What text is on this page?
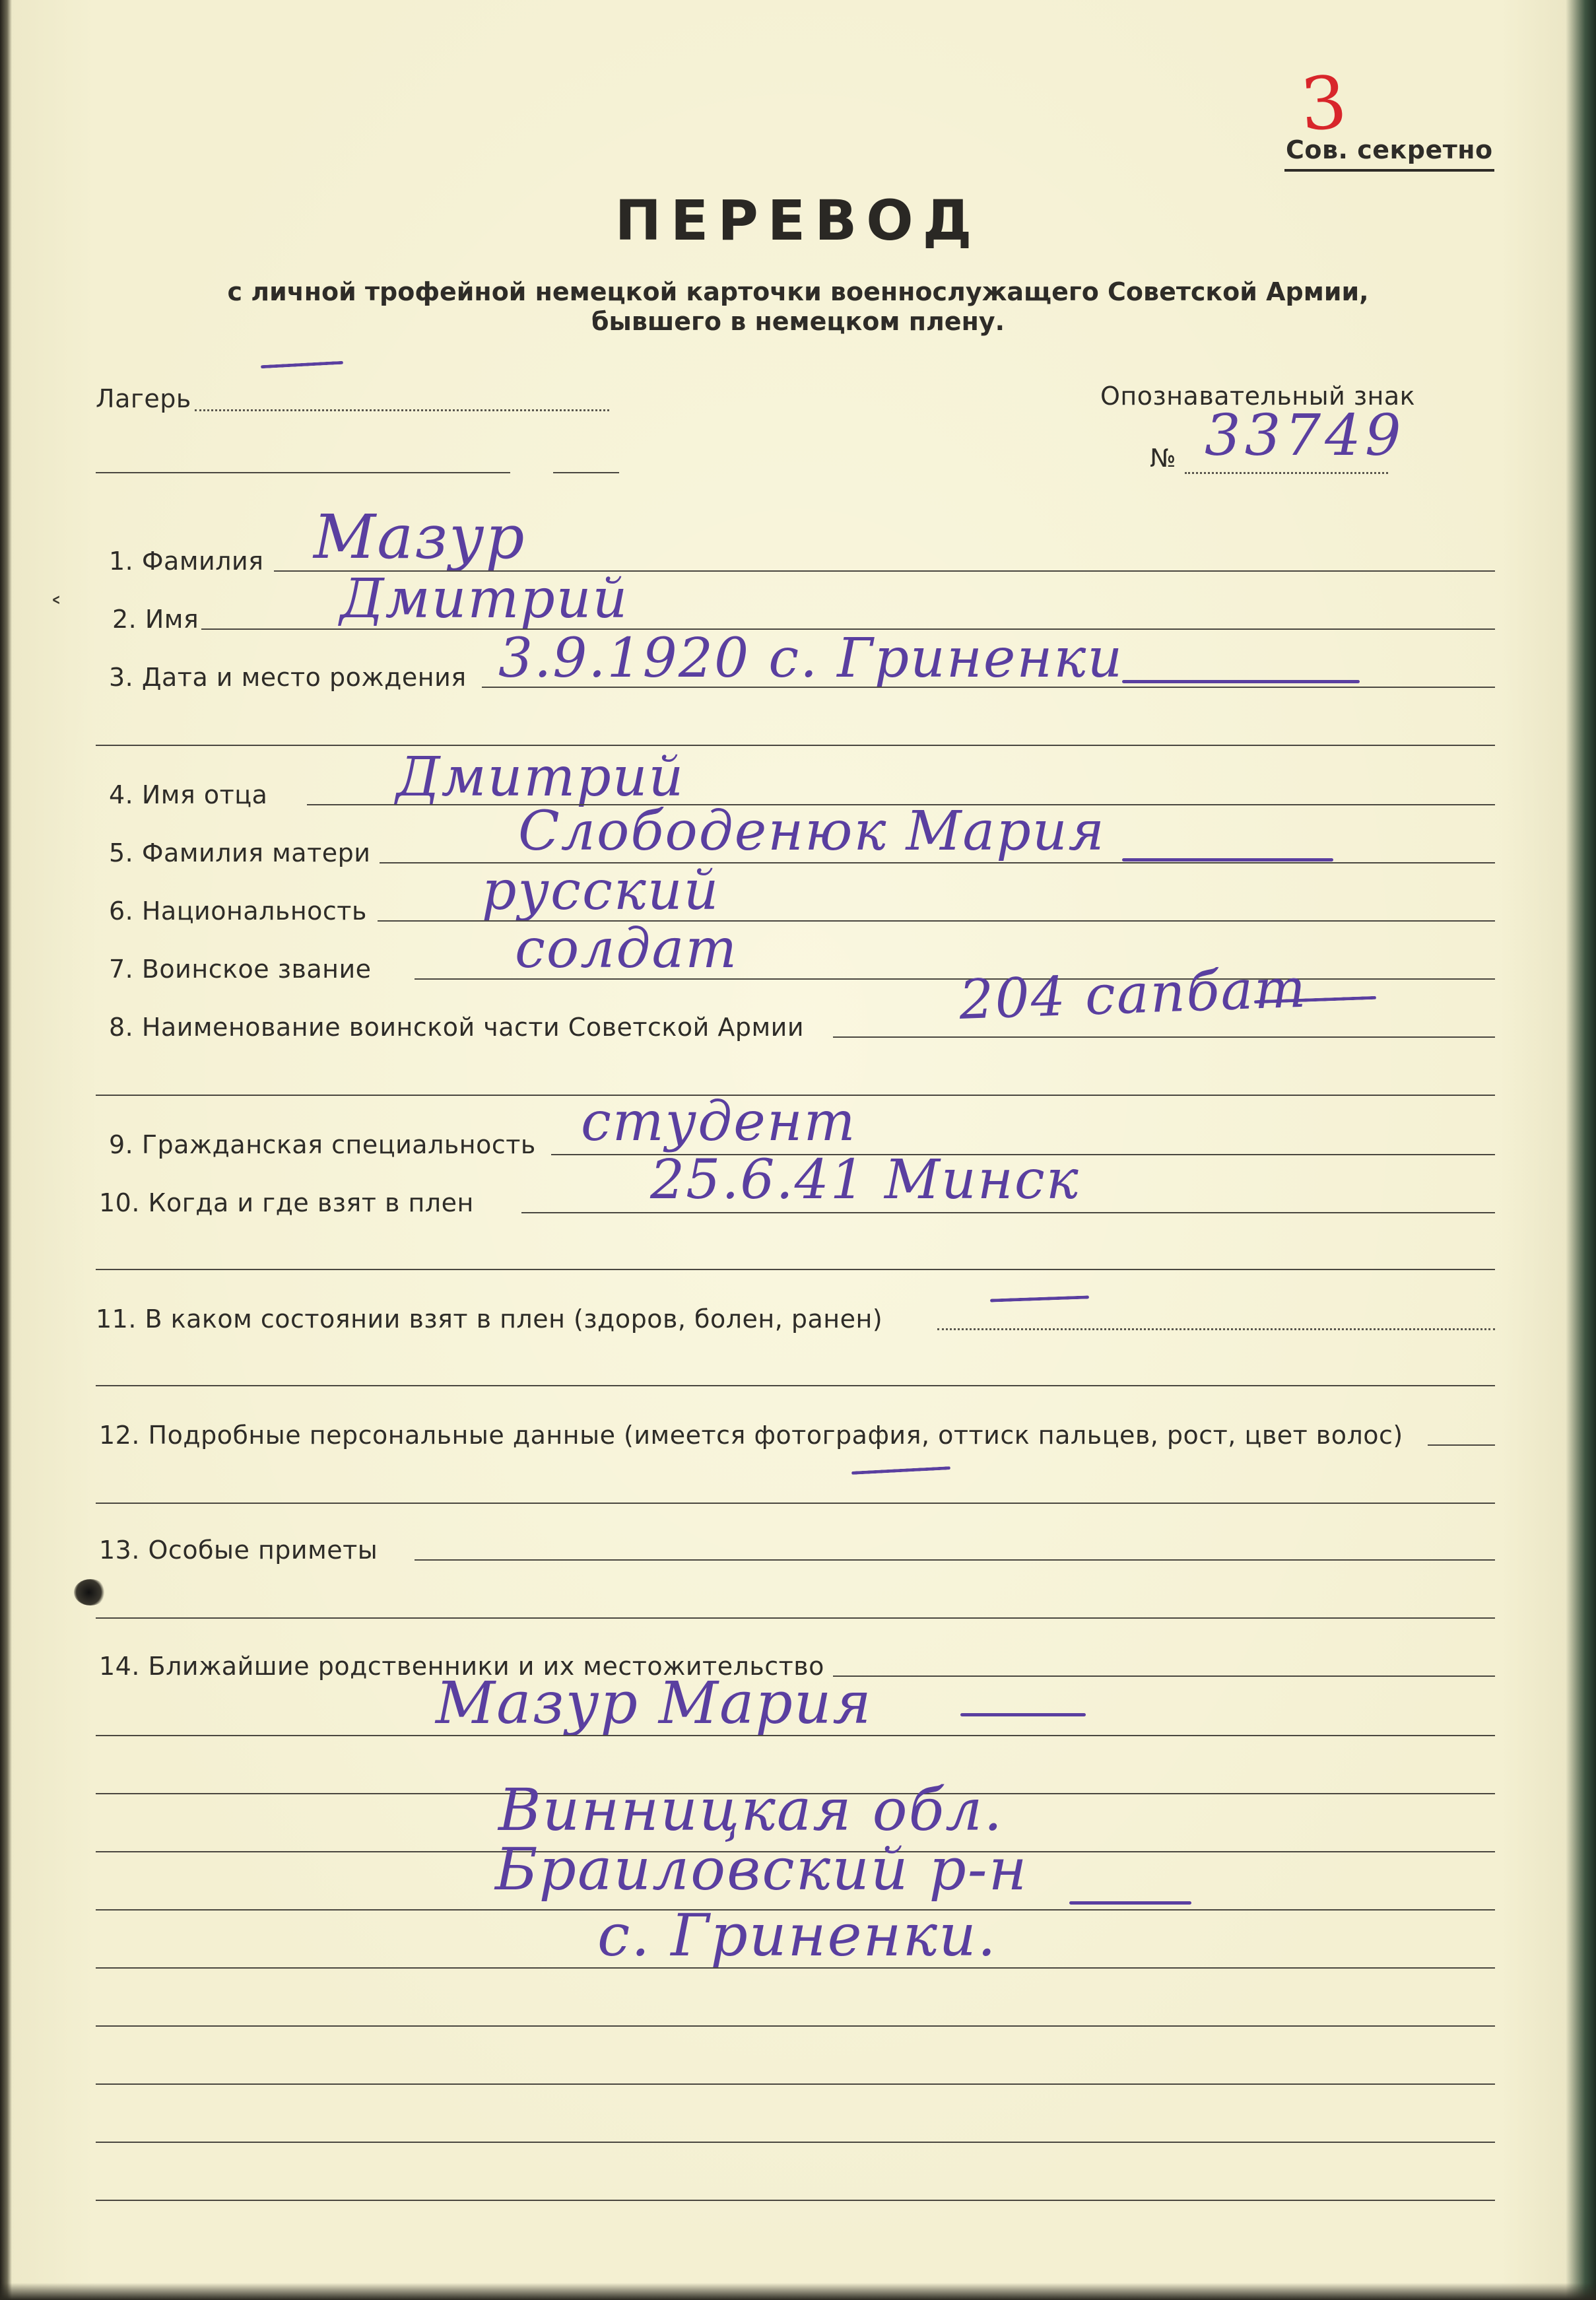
3
Сов. секретно
ПЕРЕВОД
с личной трофейной немецкой карточки военнослужащего Советской Армии,
бывшего в немецком плену.
Лагерь	Опознавательный знак
№ 33749
1. Фамилия Мазур
2. Имя	Дмитрий
˂
3. Дата и место рождения 3.9.1920 с. Гриненки
4. Имя отца Дмитрий
5. Фамилия матери	Слободенюк Мария
6. Национальность русский
7. Воинское звание	солдат
8. Наименование воинской части Советской Армии	204 сапбат
9. Гражданская специальность студент
10. Когда и где взят в плен	25.6.41 Минск
11. В каком состоянии взят в плен (здоров, болен, ранен)
12. Подробные персональные данные (имеется фотография, оттиск пальцев, рост, цвет волос)
13. Особые приметы
14. Ближайшие родственники и их местожительство
Мазур Мария
Винницкая обл.
Браиловский р-н
с. Гриненки.
